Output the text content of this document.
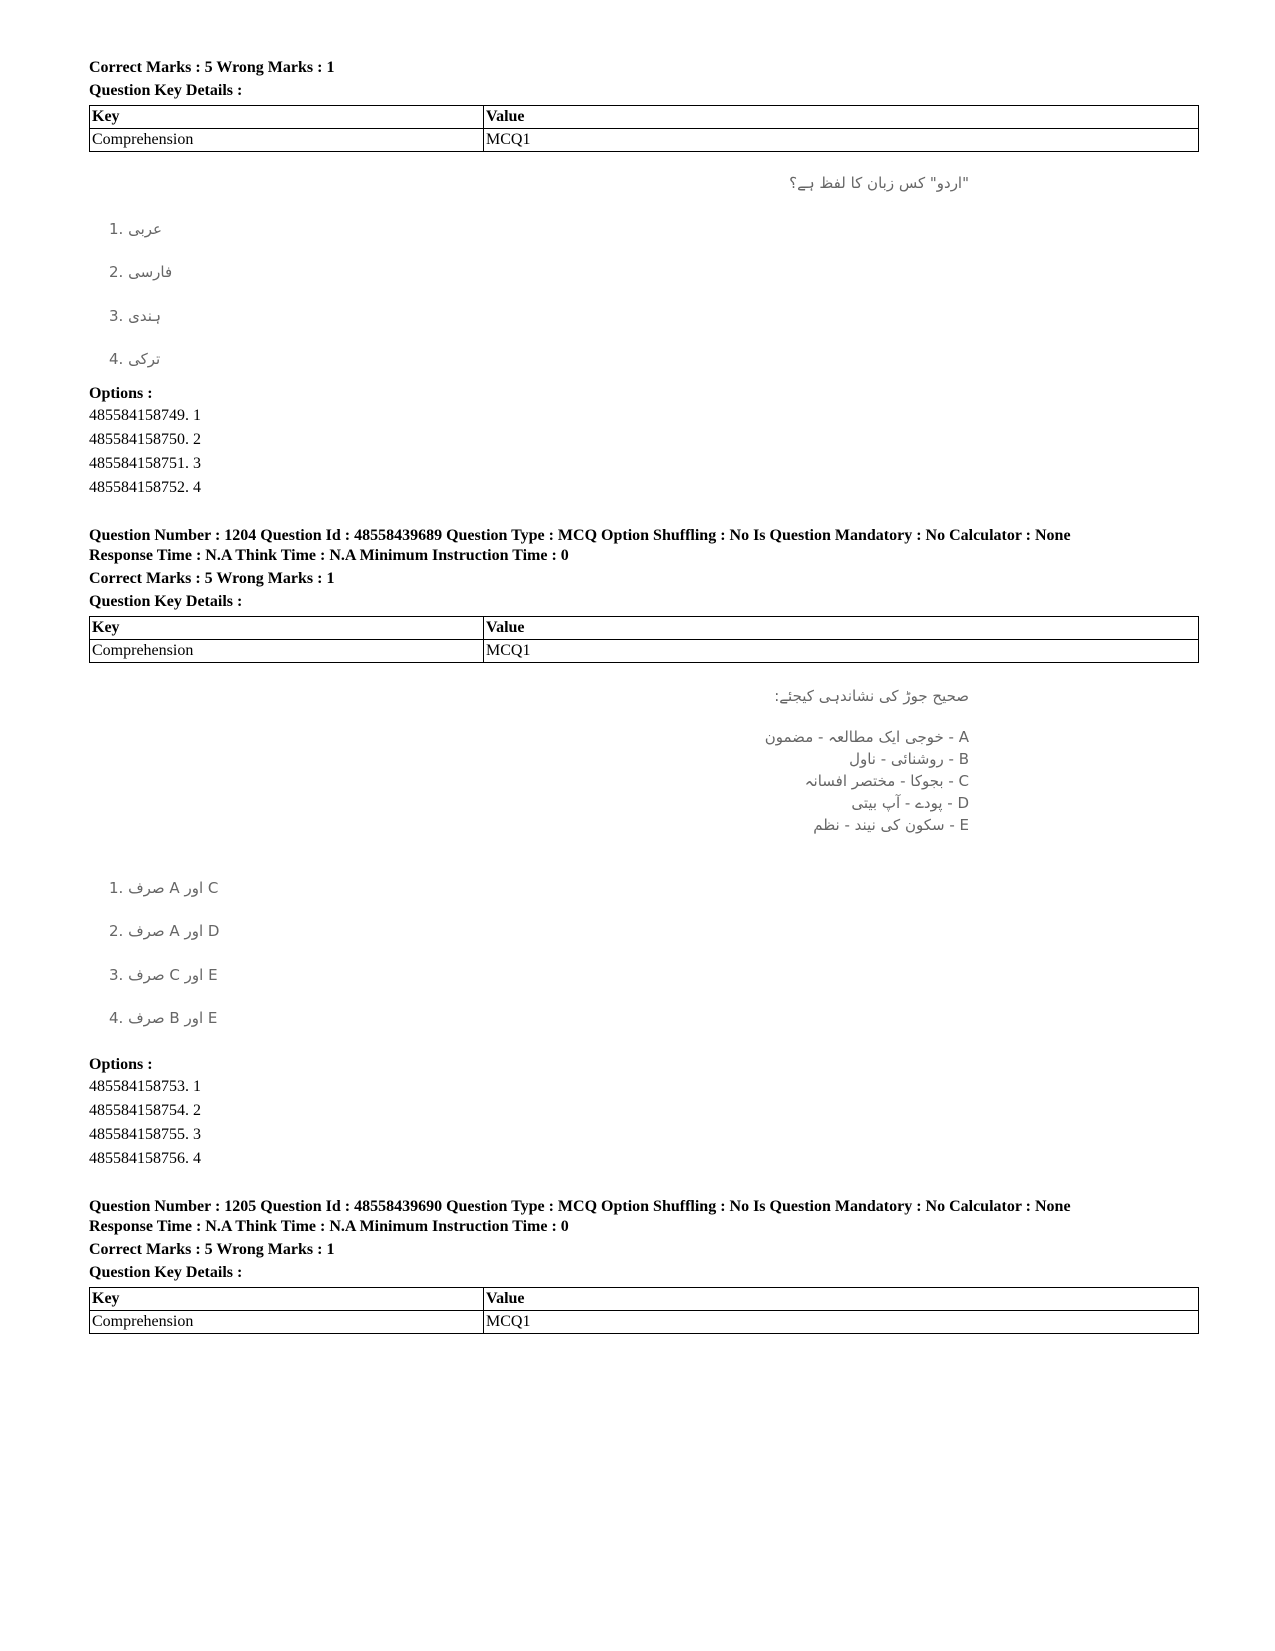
Correct Marks : 5 Wrong Marks : 1

Question Key Details :

Key	Value
Comprehension	MCQ1
"اردو" کس زبان کا لفظ ہے؟
1. عربی
2. فارسی
3. ہندی
4. ترکی

Options :

485584158749. 1
485584158750. 2
485584158751. 3
485584158752. 4

Question Number : 1204 Question Id : 48558439689 Question Type : MCQ Option Shuffling : No Is Question Mandatory : No Calculator : None

Response Time : N.A Think Time : N.A Minimum Instruction Time : 0

Correct Marks : 5 Wrong Marks : 1

Question Key Details :

Key	Value
Comprehension	MCQ1
صحیح جوڑ کی نشاندہی کیجئے:
A - خوجی ایک مطالعہ - مضمون
B - روشنائی - ناول
C - بجوکا - مختصر افسانہ
D - پودے - آپ بیتی
E - سکون کی نیند - نظم
1. صرف A اور C
2. صرف A اور D
3. صرف C اور E
4. صرف B اور E

Options :

485584158753. 1
485584158754. 2
485584158755. 3
485584158756. 4

Question Number : 1205 Question Id : 48558439690 Question Type : MCQ Option Shuffling : No Is Question Mandatory : No Calculator : None

Response Time : N.A Think Time : N.A Minimum Instruction Time : 0

Correct Marks : 5 Wrong Marks : 1

Question Key Details :

Key	Value
Comprehension	MCQ1
